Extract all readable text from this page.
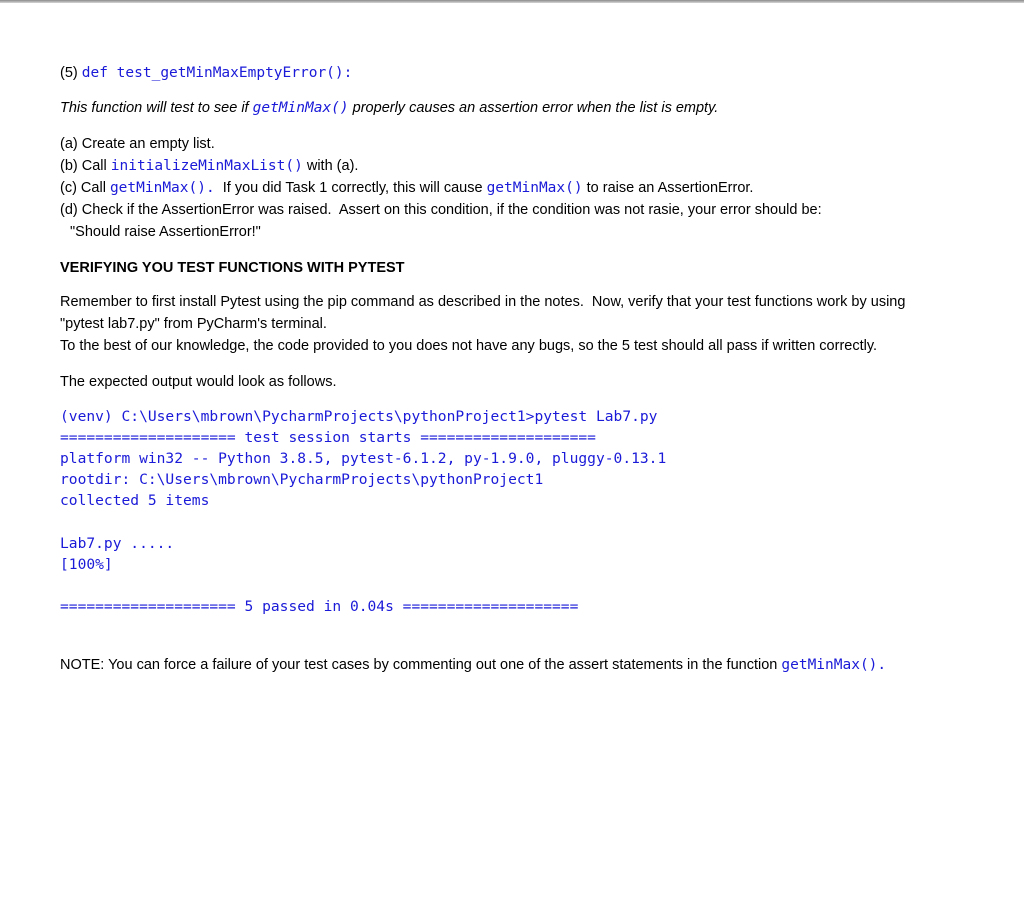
(5) def test_getMinMaxEmptyError():
This function will test to see if getMinMax() properly causes an assertion error when the list is empty.
(a) Create an empty list.
(b) Call initializeMinMaxList() with (a).
(c) Call getMinMax().  If you did Task 1 correctly, this will cause getMinMax() to raise an AssertionError.
(d) Check if the AssertionError was raised.  Assert on this condition, if the condition was not rasie, your error should be:
"Should raise AssertionError!"
VERIFYING YOU TEST FUNCTIONS WITH PYTEST
Remember to first install Pytest using the pip command as described in the notes.  Now, verify that your test functions work by using
"pytest lab7.py" from PyCharm's terminal.
To the best of our knowledge, the code provided to you does not have any bugs, so the 5 test should all pass if written correctly.
The expected output would look as follows.
(venv) C:\Users\mbrown\PycharmProjects\pythonProject1>pytest Lab7.py
==================== test session starts ====================
platform win32 -- Python 3.8.5, pytest-6.1.2, py-1.9.0, pluggy-0.13.1
rootdir: C:\Users\mbrown\PycharmProjects\pythonProject1
collected 5 items
Lab7.py .....
[100%]
==================== 5 passed in 0.04s ====================
NOTE: You can force a failure of your test cases by commenting out one of the assert statements in the function getMinMax().
